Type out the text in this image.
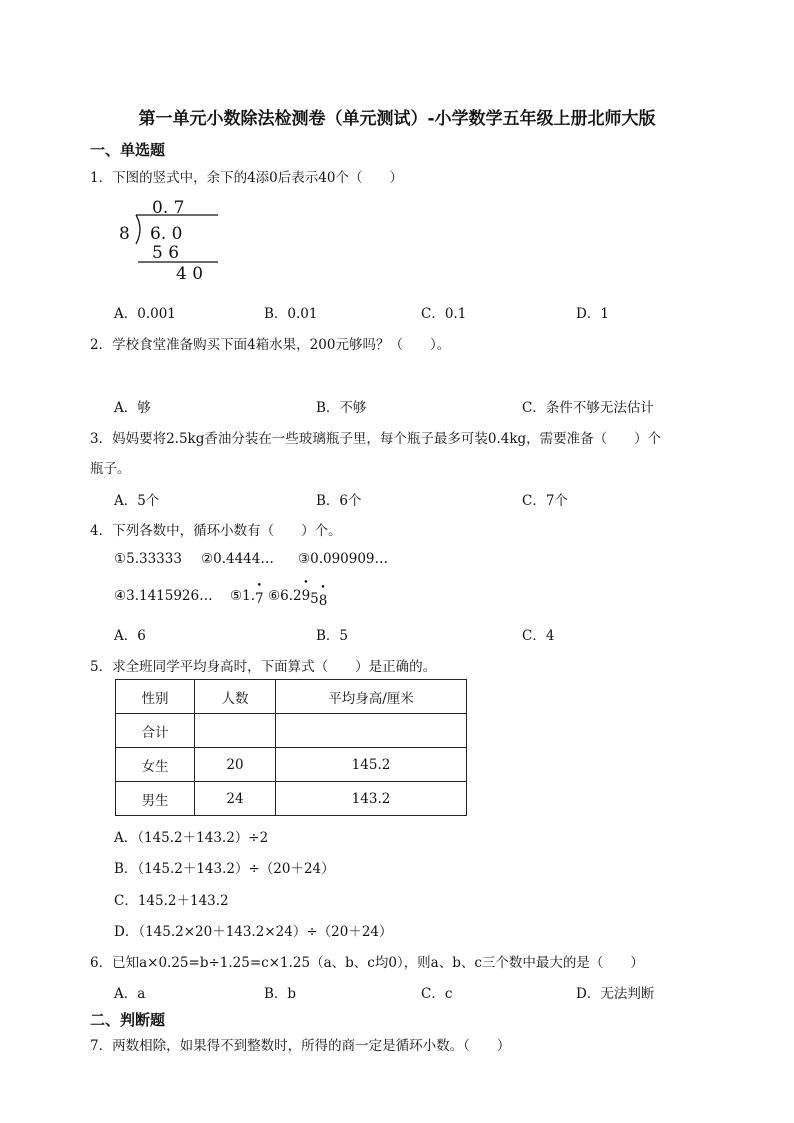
第一单元小数除法检测卷（单元测试）-小学数学五年级上册北师大版
一、单选题
1．下图的竖式中，余下的4添0后表示40个（　　）
8
0. 7
6. 0
5 6
4 0
A．0.001	B．0.01	C．0.1	D．1
2．学校食堂准备购买下面4箱水果，200元够吗？（　　）。
A．够	B．不够	C．条件不够无法估计
3．妈妈要将2.5kg香油分装在一些玻璃瓶子里，每个瓶子最多可装0.4kg，需要准备（　　）个
瓶子。
A．5个	B．6个	C．7个
4．下列各数中，循环小数有（　　）个。
①5.33333 ②0.4444… ③0.090909…
④3.1415926… ⑤1.• 7 ⑥6.2• 95• 8
A．6	B．5	C．4
5．求全班同学平均身高时，下面算式（　　）是正确的。
性别	人数	平均身高/厘米
合计		
女生	20	145.2
男生	24	143.2
A．（145.2＋143.2）÷2
B．（145.2＋143.2）÷（20＋24）
C．145.2＋143.2
D．（145.2×20＋143.2×24）÷（20＋24）
6．已知a×0.25=b÷1.25=c×1.25（a、b、c均0），则a、b、c三个数中最大的是（　　）
A．a	B．b	C．c	D．无法判断
二、判断题
7．两数相除，如果得不到整数时，所得的商一定是循环小数。（　　）
